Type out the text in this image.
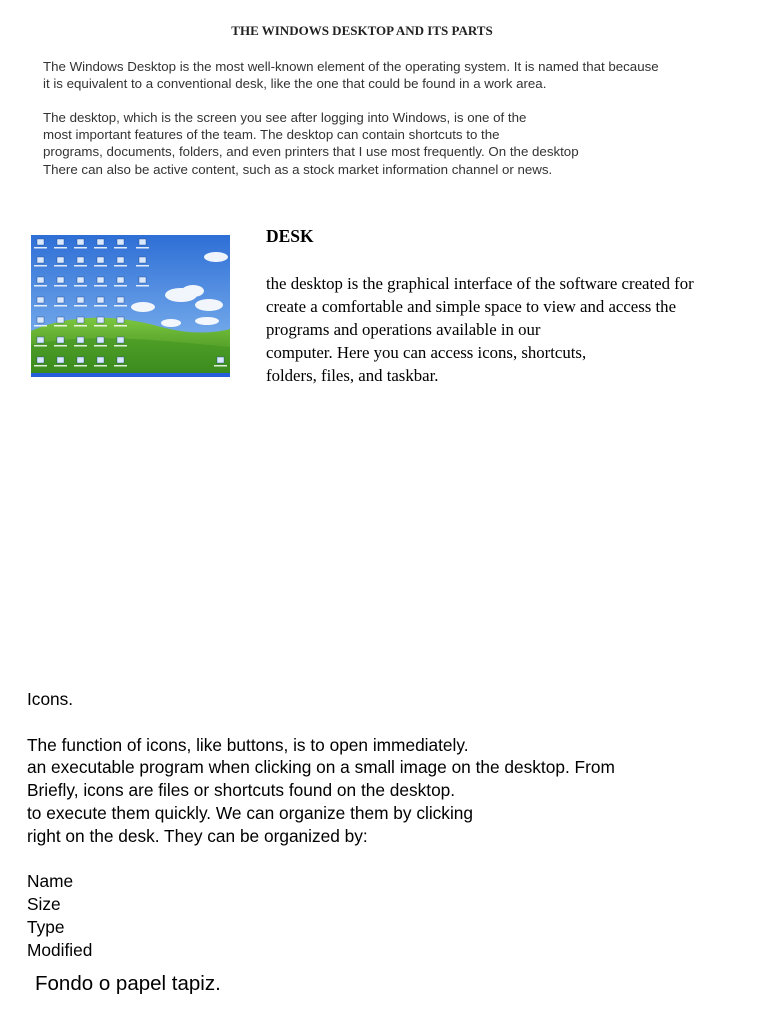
THE WINDOWS DESKTOP AND ITS PARTS
The Windows Desktop is the most well-known element of the operating system. It is named that because
it is equivalent to a conventional desk, like the one that could be found in a work area.
The desktop, which is the screen you see after logging into Windows, is one of the
most important features of the team. The desktop can contain shortcuts to the
programs, documents, folders, and even printers that I use most frequently. On the desktop
There can also be active content, such as a stock market information channel or news.
DESK
the desktop is the graphical interface of the software created for
create a comfortable and simple space to view and access the
programs and operations available in our
computer. Here you can access icons, shortcuts,
folders, files, and taskbar.
Icons.
The function of icons, like buttons, is to open immediately.
an executable program when clicking on a small image on the desktop. From
Briefly, icons are files or shortcuts found on the desktop.
to execute them quickly. We can organize them by clicking
right on the desk. They can be organized by:
Name
Size
Type
Modified
Fondo o papel tapiz.
